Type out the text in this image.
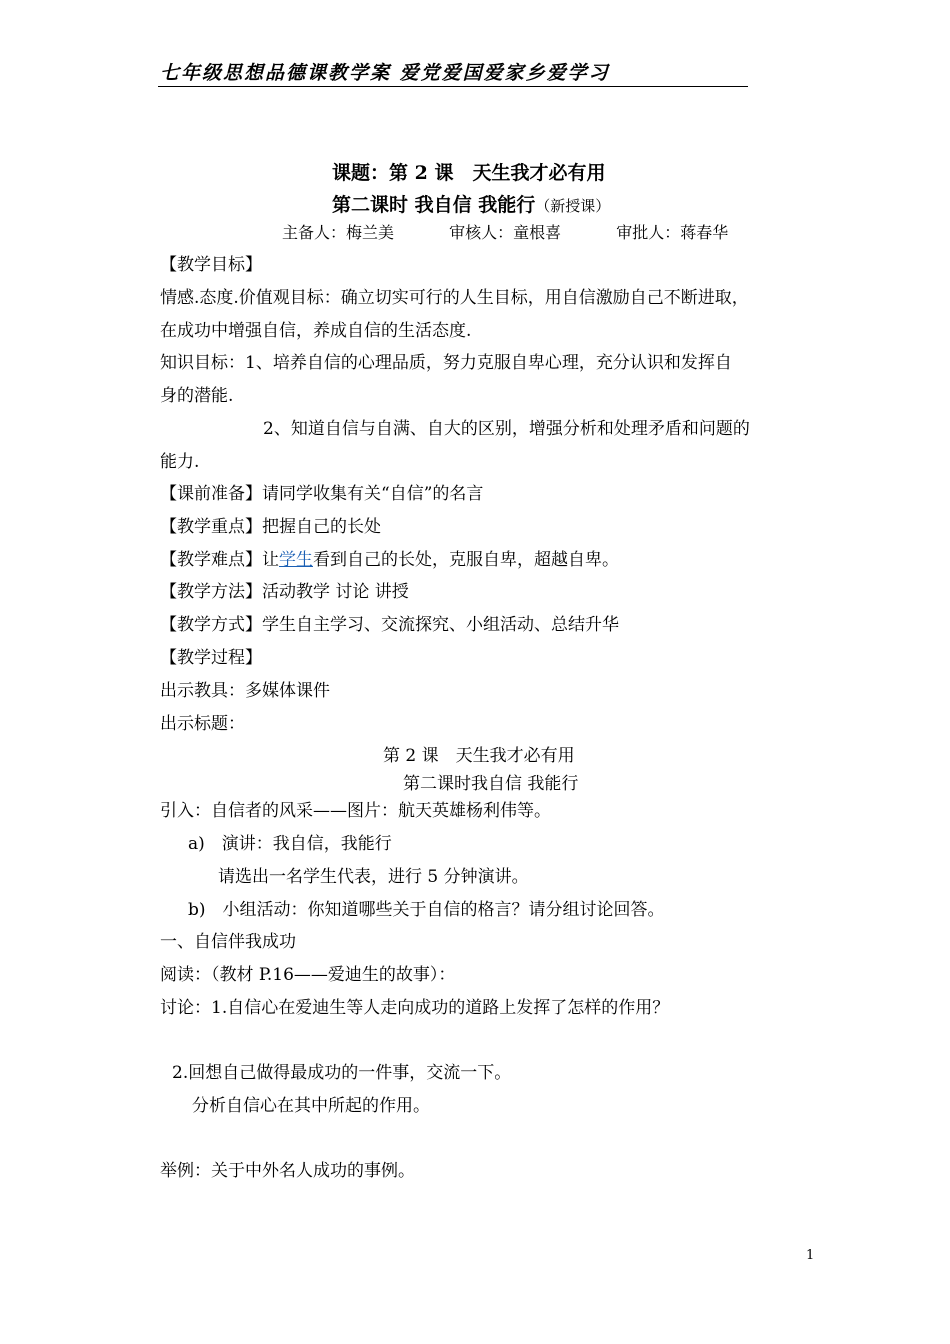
七年级思想品德课教学案 爱党爱国爱家乡爱学习
课题：第 2 课　天生我才必有用
第二课时 我自信 我能行（新授课）
主备人：梅兰美	审核人：童根喜	审批人：蒋春华
【教学目标】
情感.态度.价值观目标：确立切实可行的人生目标，用自信激励自己不断进取，
在成功中增强自信，养成自信的生活态度.
知识目标：1、培养自信的心理品质，努力克服自卑心理，充分认识和发挥自
身的潜能.
2、知道自信与自满、自大的区别，增强分析和处理矛盾和问题的
能力.
【课前准备】请同学收集有关“自信”的名言
【教学重点】把握自己的长处
【教学难点】让学生看到自己的长处，克服自卑，超越自卑。
【教学方法】活动教学 讨论 讲授
【教学方式】学生自主学习、交流探究、小组活动、总结升华
【教学过程】
出示教具：多媒体课件
出示标题：
第 2 课　天生我才必有用
第二课时我自信 我能行
引入：自信者的风采——图片：航天英雄杨利伟等。
a)　演讲：我自信，我能行
请选出一名学生代表，进行 5 分钟演讲。
b)　小组活动：你知道哪些关于自信的格言？请分组讨论回答。
一、自信伴我成功
阅读：（教材 P.16——爱迪生的故事）：
讨论：1.自信心在爱迪生等人走向成功的道路上发挥了怎样的作用？
2.回想自己做得最成功的一件事，交流一下。
分析自信心在其中所起的作用。
举例：关于中外名人成功的事例。
1
